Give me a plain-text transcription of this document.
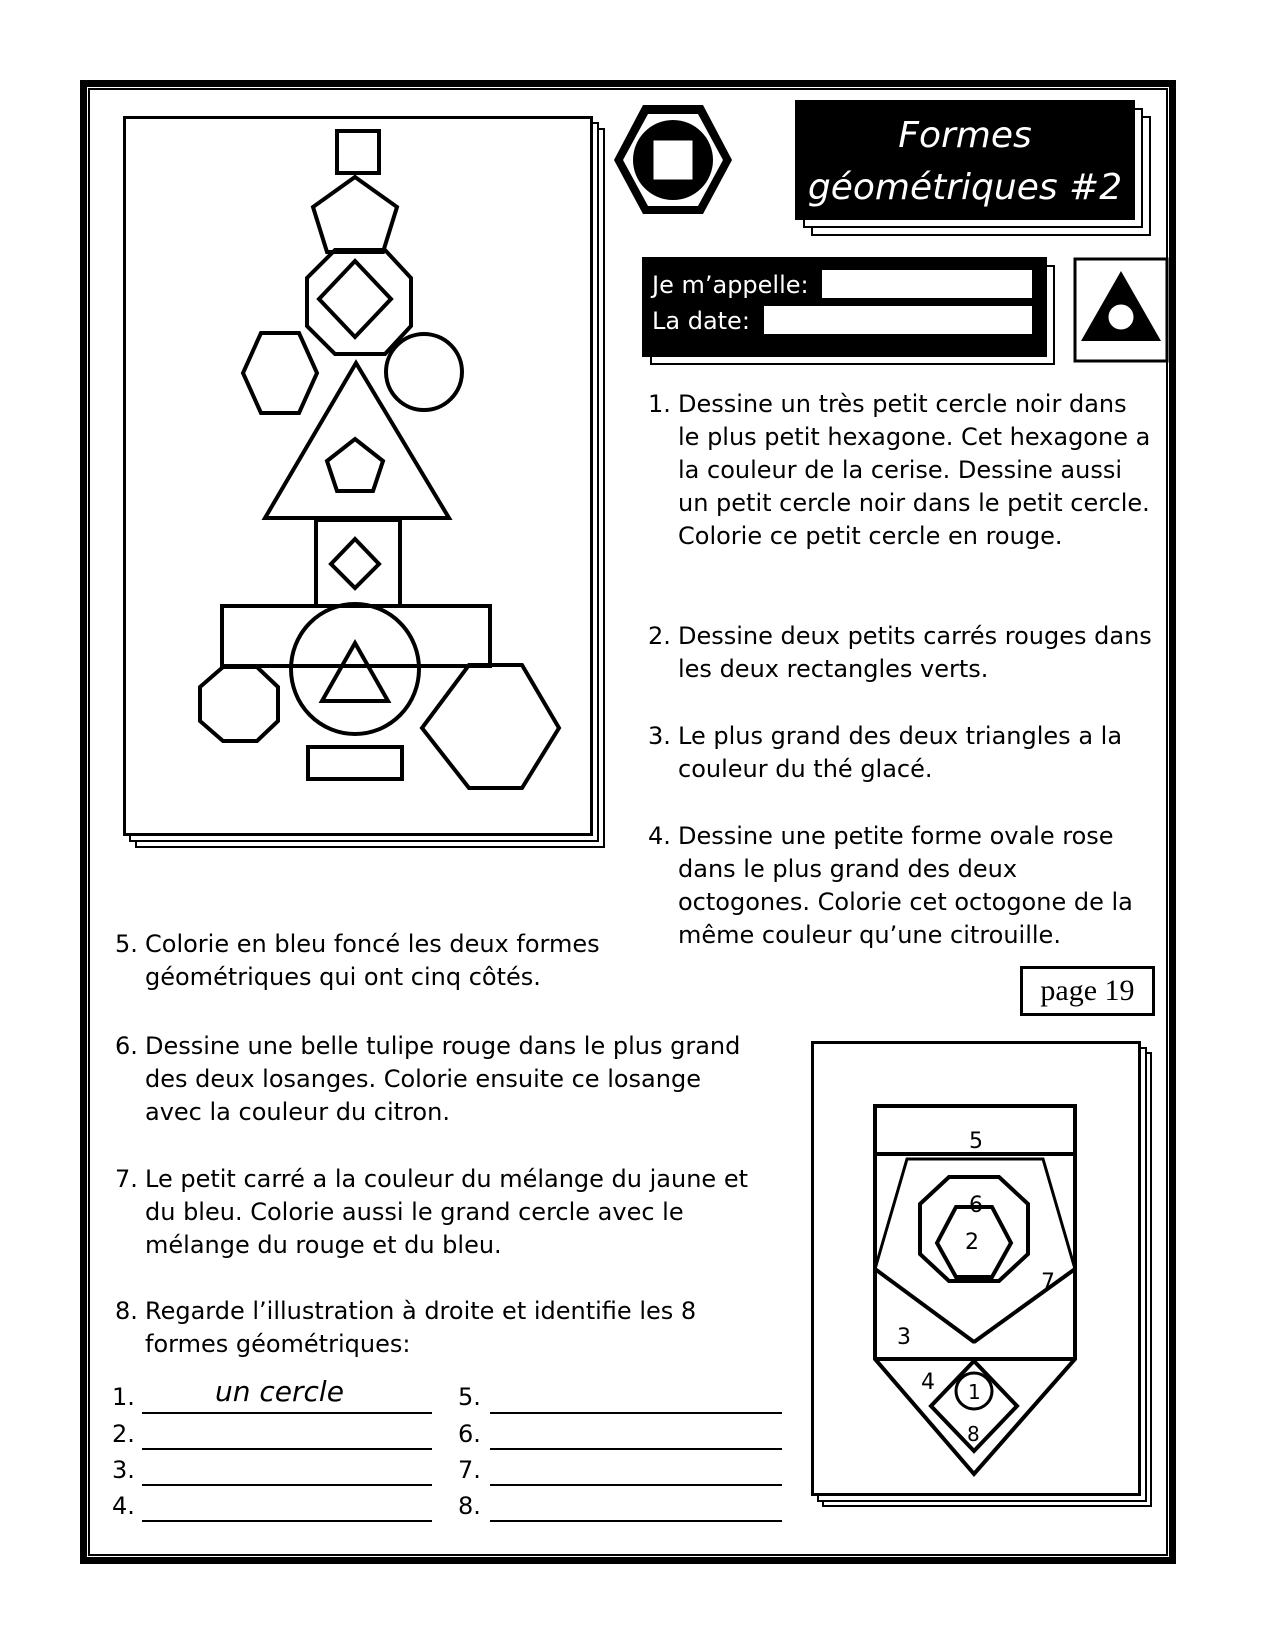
Formes
géométriques #2
Je m’appelle:
La date:
1. Dessine un très petit cercle noir dans le plus petit hexagone. Cet hexagone a la couleur de la cerise. Dessine aussi un petit cercle noir dans le petit cercle. Colorie ce petit cercle en rouge.
2. Dessine deux petits carrés rouges dans les deux rectangles verts.
3. Le plus grand des deux triangles a la couleur du thé glacé.
4. Dessine une petite forme ovale rose dans le plus grand des deux octogones. Colorie cet octogone de la même couleur qu’une citrouille.
page 19
5. Colorie en bleu foncé les deux formes géométriques qui ont cinq côtés.
6. Dessine une belle tulipe rouge dans le plus grand des deux losanges. Colorie ensuite ce losange avec la couleur du citron.
7. Le petit carré a la couleur du mélange du jaune et du bleu. Colorie aussi le grand cercle avec le mélange du rouge et du bleu.
8. Regarde l’illustration à droite et identifie les 8 formes géométriques:
1.	un cercle
2.
3.
4.
5.
6.
7.
8.
5
6
2
7
3
4 1
8
